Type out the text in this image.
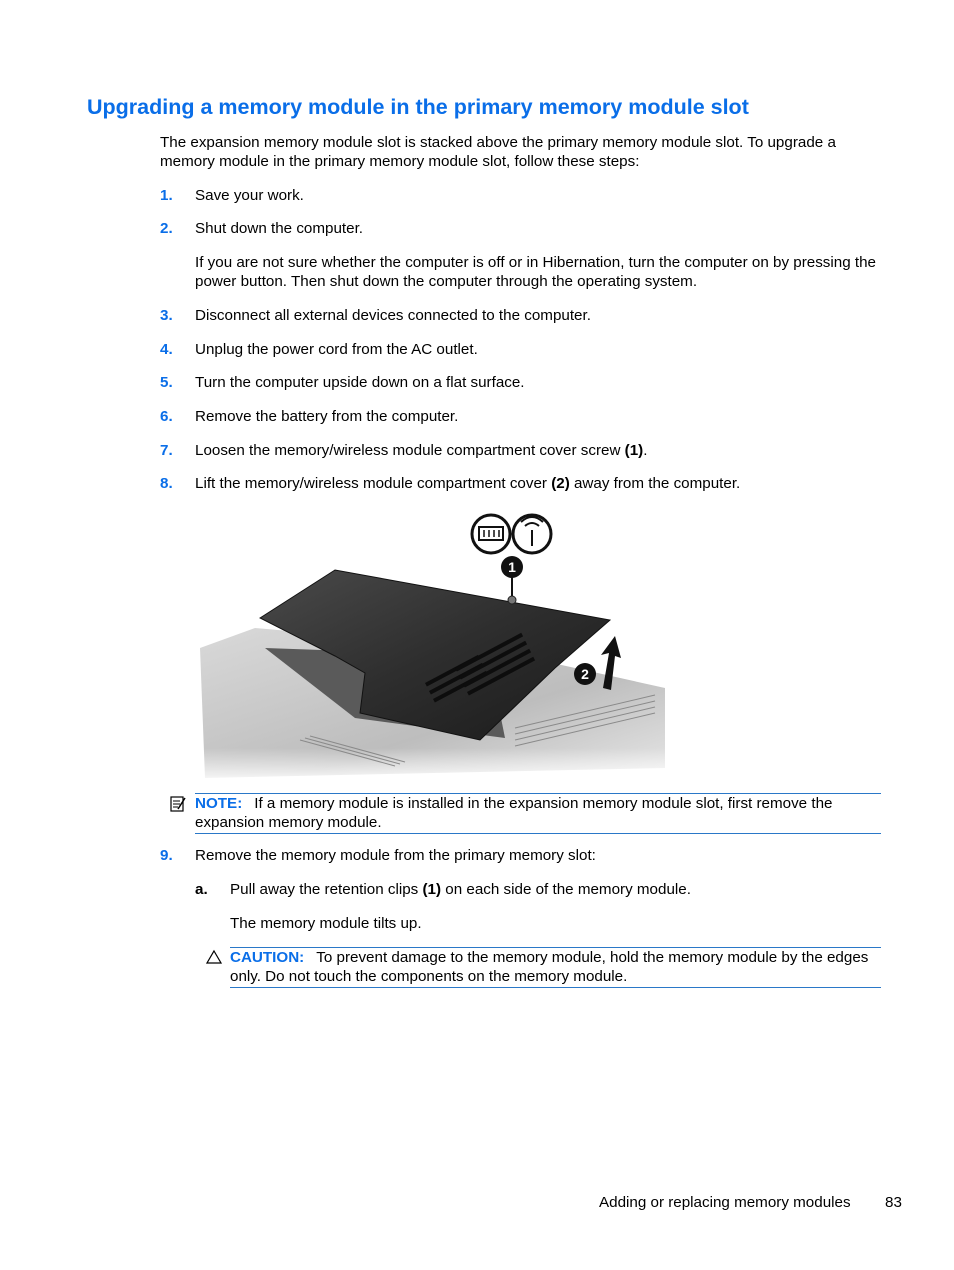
Upgrading a memory module in the primary memory module slot
The expansion memory module slot is stacked above the primary memory module slot. To upgrade a memory module in the primary memory module slot, follow these steps:
1. Save your work.
2. Shut down the computer.
If you are not sure whether the computer is off or in Hibernation, turn the computer on by pressing the power button. Then shut down the computer through the operating system.
3. Disconnect all external devices connected to the computer.
4. Unplug the power cord from the AC outlet.
5. Turn the computer upside down on a flat surface.
6. Remove the battery from the computer.
7. Loosen the memory/wireless module compartment cover screw (1).
8. Lift the memory/wireless module compartment cover (2) away from the computer.
1
2
NOTE: If a memory module is installed in the expansion memory module slot, first remove the expansion memory module.
9. Remove the memory module from the primary memory slot:
a. Pull away the retention clips (1) on each side of the memory module.
The memory module tilts up.
CAUTION: To prevent damage to the memory module, hold the memory module by the edges only. Do not touch the components on the memory module.
Adding or replacing memory modules 83
